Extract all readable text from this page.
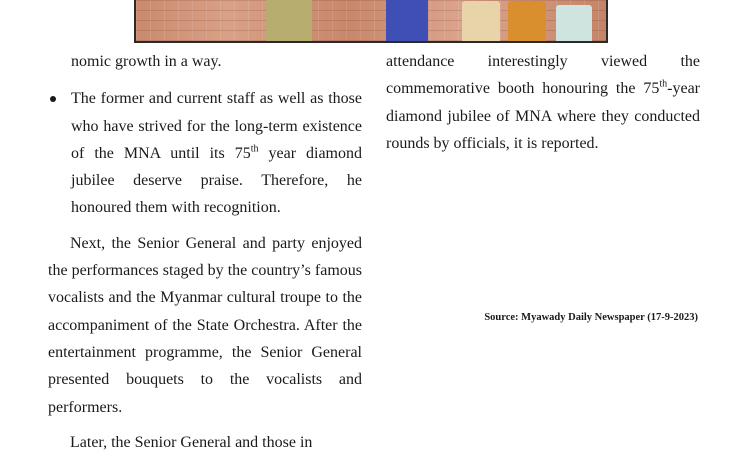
nomic growth in a way.

The former and current staff as well as those who have strived for the long-term existence of the MNA until its 75th year diamond jubilee deserve praise. Therefore, he honoured them with recognition.

Next, the Senior General and party enjoyed the performances staged by the country’s famous vocalists and the Myanmar cultural troupe to the accompaniment of the State Orchestra. After the entertainment programme, the Senior General presented bouquets to the vocalists and performers.

Later, the Senior General and those in

attendance interestingly viewed the commemorative booth honouring the 75th-year diamond jubilee of MNA where they conducted rounds by officials, it is reported.

Source: Myawady Daily Newspaper (17-9-2023)
